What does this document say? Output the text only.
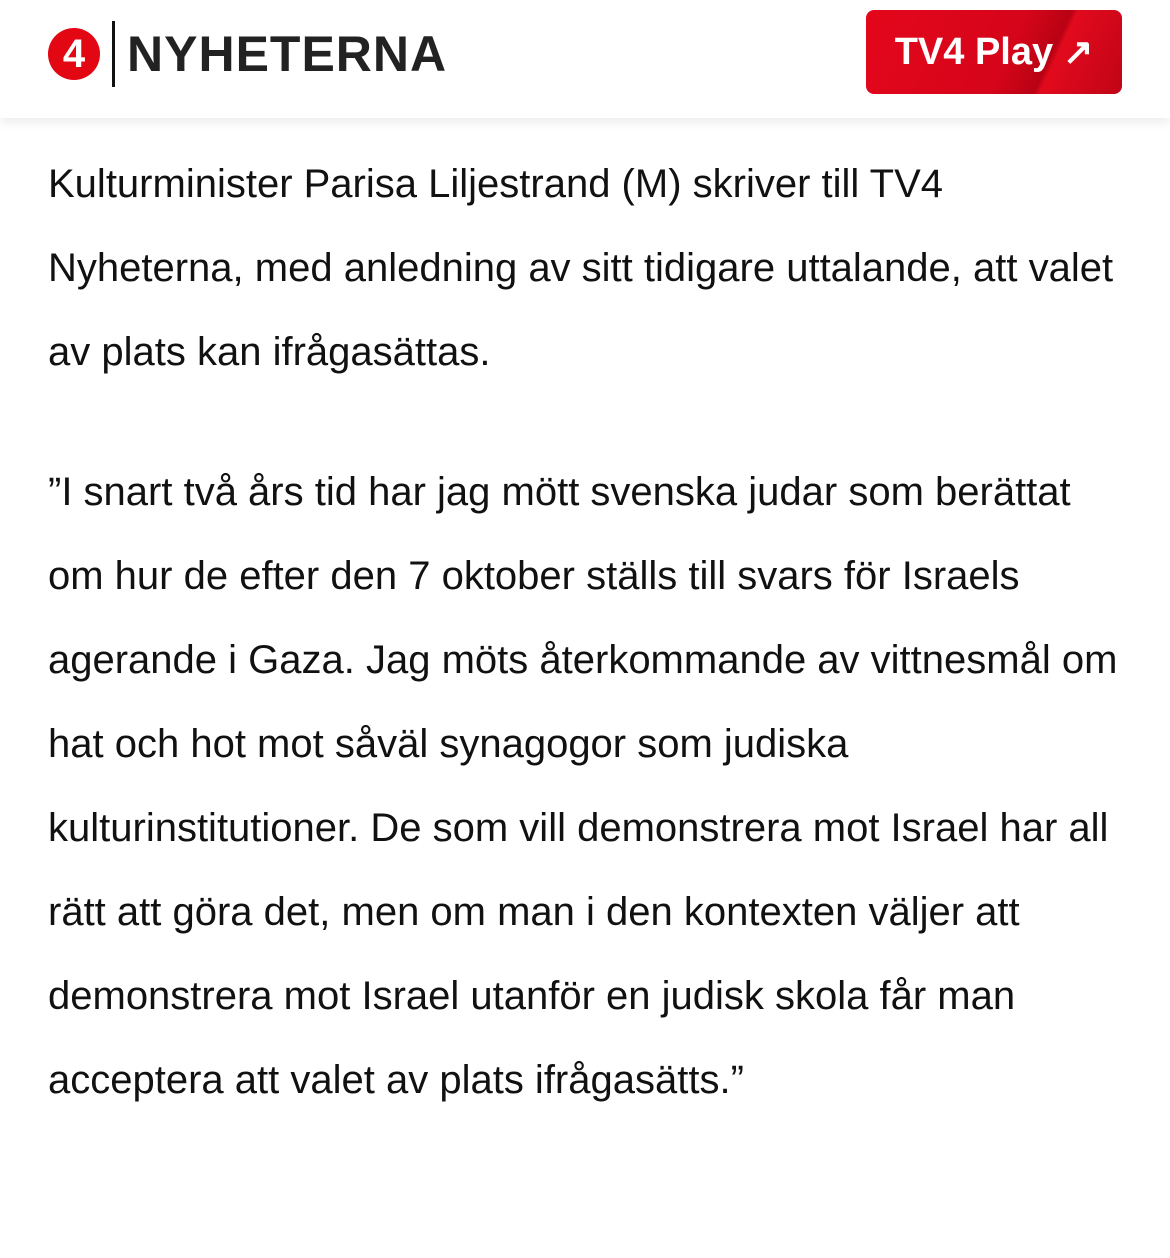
4 NYHETERNA	TV4 Play ↗

Kulturminister Parisa Liljestrand (M) skriver till TV4 Nyheterna, med anledning av sitt tidigare uttalande, att valet av plats kan ifrågasättas.

”I snart två års tid har jag mött svenska judar som berättat om hur de efter den 7 oktober ställs till svars för Israels agerande i Gaza. Jag möts återkommande av vittnesmål om hat och hot mot såväl synagogor som judiska kulturinstitutioner. De som vill demonstrera mot Israel har all rätt att göra det, men om man i den kontexten väljer att demonstrera mot Israel utanför en judisk skola får man acceptera att valet av plats ifrågasätts.”
